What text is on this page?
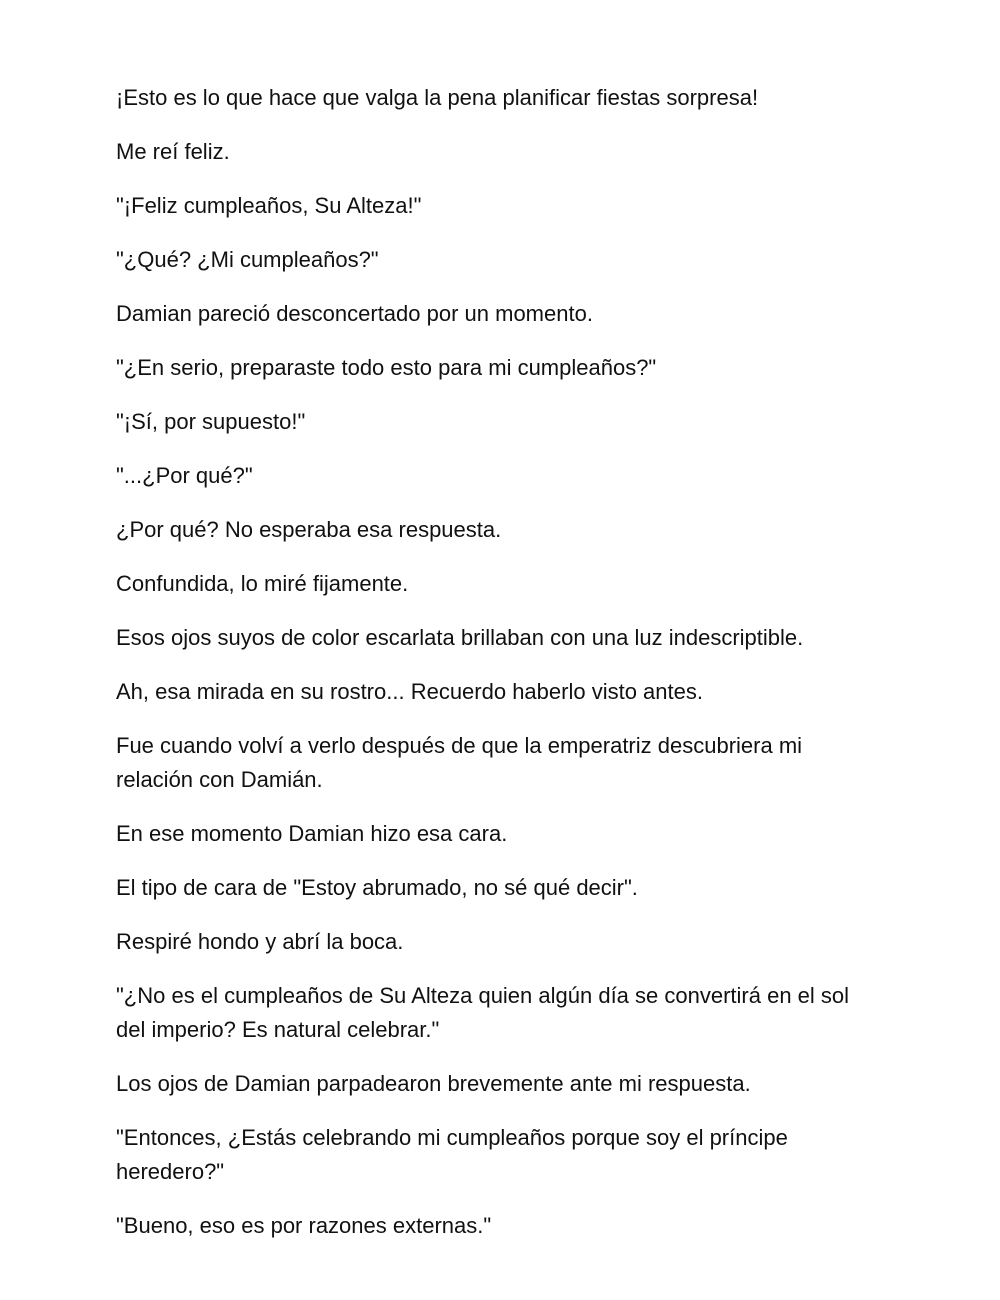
¡Esto es lo que hace que valga la pena planificar fiestas sorpresa!

Me reí feliz.

"¡Feliz cumpleaños, Su Alteza!"

"¿Qué? ¿Mi cumpleaños?"

Damian pareció desconcertado por un momento.

"¿En serio, preparaste todo esto para mi cumpleaños?"

"¡Sí, por supuesto!"

"...¿Por qué?"

¿Por qué? No esperaba esa respuesta.

Confundida, lo miré fijamente.

Esos ojos suyos de color escarlata brillaban con una luz indescriptible.

Ah, esa mirada en su rostro... Recuerdo haberlo visto antes.

Fue cuando volví a verlo después de que la emperatriz descubriera mi relación con Damián.

En ese momento Damian hizo esa cara.

El tipo de cara de "Estoy abrumado, no sé qué decir".

Respiré hondo y abrí la boca.

"¿No es el cumpleaños de Su Alteza quien algún día se convertirá en el sol del imperio? Es natural celebrar."

Los ojos de Damian parpadearon brevemente ante mi respuesta.

"Entonces, ¿Estás celebrando mi cumpleaños porque soy el príncipe heredero?"

"Bueno, eso es por razones externas."
